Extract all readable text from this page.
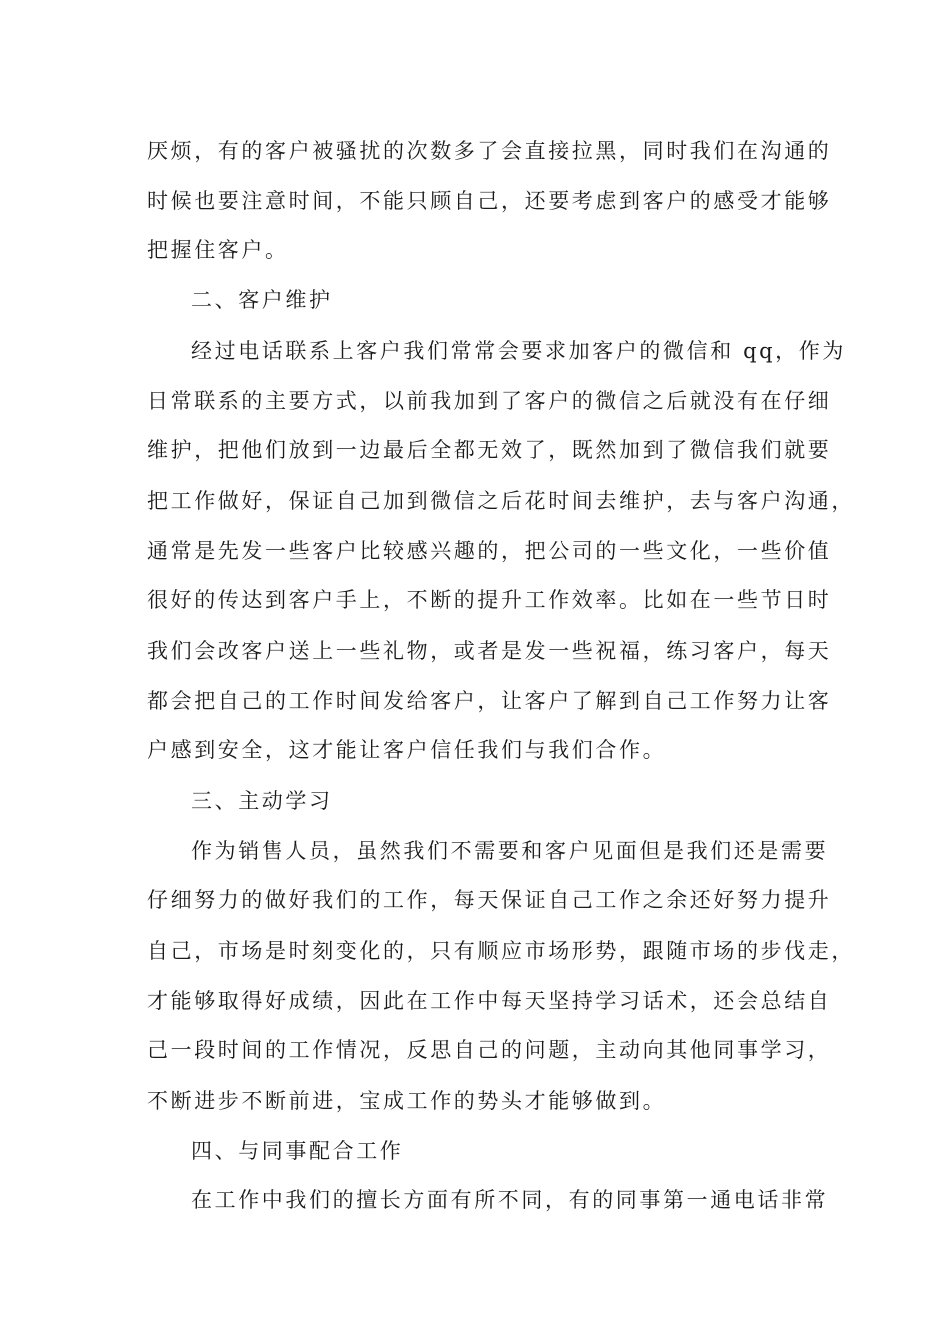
厌烦，有的客户被骚扰的次数多了会直接拉黑，同时我们在沟通的
时候也要注意时间，不能只顾自己，还要考虑到客户的感受才能够
把握住客户。
二、客户维护
经过电话联系上客户我们常常会要求加客户的微信和 qq，作为
日常联系的主要方式，以前我加到了客户的微信之后就没有在仔细
维护，把他们放到一边最后全都无效了，既然加到了微信我们就要
把工作做好，保证自己加到微信之后花时间去维护，去与客户沟通，
通常是先发一些客户比较感兴趣的，把公司的一些文化，一些价值
很好的传达到客户手上，不断的提升工作效率。比如在一些节日时
我们会改客户送上一些礼物，或者是发一些祝福，练习客户，每天
都会把自己的工作时间发给客户，让客户了解到自己工作努力让客
户感到安全，这才能让客户信任我们与我们合作。
三、主动学习
作为销售人员，虽然我们不需要和客户见面但是我们还是需要
仔细努力的做好我们的工作，每天保证自己工作之余还好努力提升
自己，市场是时刻变化的，只有顺应市场形势，跟随市场的步伐走，
才能够取得好成绩，因此在工作中每天坚持学习话术，还会总结自
己一段时间的工作情况，反思自己的问题，主动向其他同事学习，
不断进步不断前进，宝成工作的势头才能够做到。
四、与同事配合工作
在工作中我们的擅长方面有所不同，有的同事第一通电话非常
